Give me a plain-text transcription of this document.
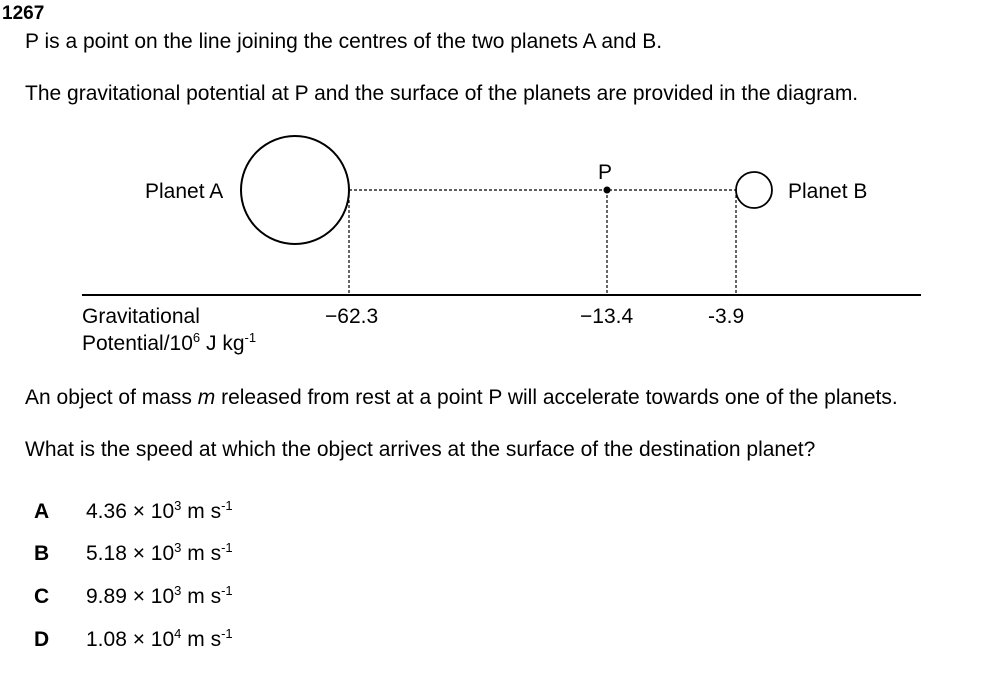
1267
P is a point on the line joining the centres of the two planets A and B.
The gravitational potential at P and the surface of the planets are provided in the diagram.
Planet A	Planet B
P
Gravitational
Potential/$10^6$ J $kg^{-1}$
−62.3	−13.4	-3.9
An object of mass m released from rest at a point P will accelerate towards one of the planets.
What is the speed at which the object arrives at the surface of the destination planet?
A $4.36 \times 10^3$ m $s^{-1}$
B $5.18 \times 10^3$ m $s^{-1}$
C $9.89 \times 10^3$ m $s^{-1}$
D $1.08 \times 10^4$ m $s^{-1}$
